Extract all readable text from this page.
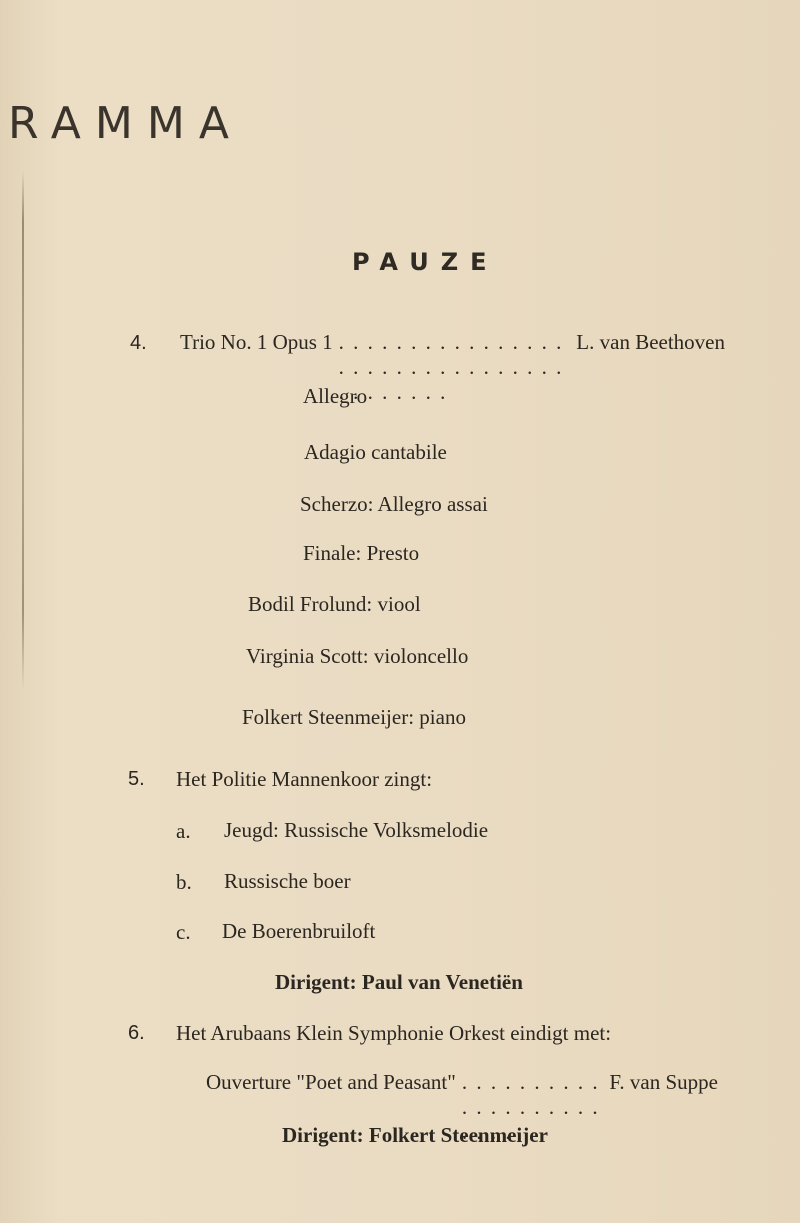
RAMMA
PAUZE
4. Trio No. 1 Opus 1 . . .	L. van Beethoven
Allegro
Adagio cantabile
Scherzo: Allegro assai
Finale: Presto
Bodil Frolund: viool
Virginia Scott: violoncello
Folkert Steenmeijer: piano
5. Het Politie Mannenkoor zingt:
a. Jeugd: Russische Volksmelodie
b. Russische boer
c. De Boerenbruiloft
Dirigent: Paul van Venetiën
6. Het Arubaans Klein Symphonie Orkest eindigt met:
Ouverture "Poet and Peasant" . . .	F. van Suppe
Dirigent: Folkert Steenmeijer
